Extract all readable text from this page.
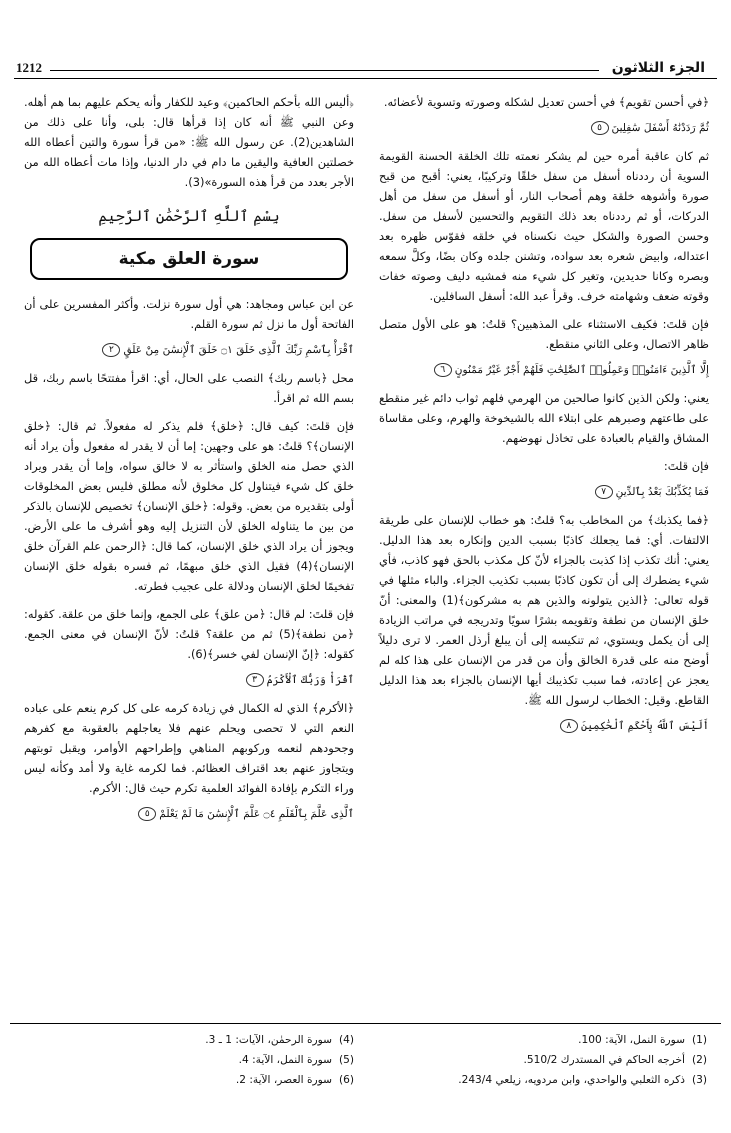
الجزء الثلاثون
1212

﴿في أحسن تقويم﴾ في أحسن تعديل لشكله وصورته وتسوية لأعضائه.

ثُمَّ رَدَدْنَٰهُ أَسْفَلَ سَٰفِلِينَ٥

ثم كان عاقبة أمره حين لم يشكر نعمته تلك الخلقة الحسنة القويمة السوية أن رددناه أسفل من سفل خلقًا وتركيبًا، يعني: أقبح من قبح صورة وأشوهه خلقة وهم أصحاب النار، أو أسفل من سفل من أهل الدركات، أو ثم رددناه بعد ذلك التقويم والتحسين لأسفل من سفل. وحسن الصورة والشكل حيث نكسناه في خلقه فقوّس ظهره بعد اعتداله، وابيض شعره بعد سواده، وتشنن جلده وكان بضًا، وكلَّ سمعه وبصره وكانا حديدين، وتغير كل شيء منه فمشيه دليف وصوته خفات وقوته ضعف وشهامته خرف. وقرأ عبد الله: أسفل السافلين.

فإن قلتَ: فكيف الاستثناء على المذهبين؟ قلتُ: هو على الأول متصل ظاهر الاتصال، وعلى الثاني منقطع.

إِلَّا ٱلَّذِينَ ءَامَنُوا۟ وَعَمِلُوا۟ ٱلصَّٰلِحَٰتِ فَلَهُمْ أَجْرٌ غَيْرُ مَمْنُونٍ٦

يعني: ولكن الذين كانوا صالحين من الهرمي فلهم ثواب دائم غير منقطع على طاعتهم وصبرهم على ابتلاء الله بالشيخوخة والهرم، وعلى مقاساة المشاق والقيام بالعبادة على تخاذل نهوضهم.

فإن قلتَ:

فَمَا يُكَذِّبُكَ بَعْدُ بِٱلدِّينِ٧

﴿فما يكذبك﴾ من المخاطب به؟ قلتُ: هو خطاب للإنسان على طريقة الالتفات. أي: فما يجعلك كاذبًا بسبب الدين وإنكاره بعد هذا الدليل. يعني: أنك تكذب إذا كذبت بالجزاء لأنّ كل مكذب بالحق فهو كاذب، فأي شيء يضطرك إلى أن تكون كاذبًا بسبب تكذيب الجزاء. والباء مثلها في قوله تعالى: ﴿الذين يتولونه والذين هم به مشركون﴾(1) والمعنى: أنّ خلق الإنسان من نطفة وتقويمه بشرًا سويًا وتدريجه في مراتب الزيادة إلى أن يكمل ويستوي، ثم تنكيسه إلى أن يبلغ أرذل العمر. لا ترى دليلاً أوضح منه على قدرة الخالق وأن من قدر من الإنسان على هذا كله لم يعجز عن إعادته، فما سبب تكذيبك أيها الإنسان بالجزاء بعد هذا الدليل القاطع. وقيل: الخطاب لرسول الله ﷺ.

أَلَيْسَ ٱللَّهُ بِأَحْكَمِ ٱلْحَٰكِمِينَ٨

﴿أليس الله بأحكم الحاكمين﴾ وعيد للكفار وأنه يحكم عليهم بما هم أهله. وعن النبي ﷺ أنه كان إذا قرأها قال: بلى، وأنا على ذلك من الشاهدين(2). عن رسول الله ﷺ: «من قرأ سورة والتين أعطاه الله خصلتين العافية واليقين ما دام في دار الدنيا، وإذا مات أعطاه الله من الأجر بعدد من قرأ هذه السورة»(3).

بِسْمِ ٱللَّهِ ٱلرَّحْمَٰنِ ٱلرَّحِيمِ
سورة العلق مكية

عن ابن عباس ومجاهد: هي أول سورة نزلت. وأكثر المفسرين على أن الفاتحة أول ما نزل ثم سورة القلم.

ٱقْرَأْ بِٱسْمِ رَبِّكَ ٱلَّذِى خَلَقَ ۝١ خَلَقَ ٱلْإِنسَٰنَ مِنْ عَلَقٍ٢

محل ﴿باسم ربك﴾ النصب على الحال، أي: اقرأ مفتتحًا باسم ربك، قل بسم الله ثم اقرأ.

فإن قلتَ: كيف قال: ﴿خلق﴾ فلم يذكر له مفعولاً. ثم قال: ﴿خلق الإنسان﴾؟ قلتُ: هو على وجهين: إما أن لا يقدر له مفعول وأن يراد أنه الذي حصل منه الخلق واستأثر به لا خالق سواه، وإما أن يقدر ويراد خلق كل شيء فيتناول كل مخلوق لأنه مطلق فليس بعض المخلوقات أولى بتقديره من بعض. وقوله: ﴿خلق الإنسان﴾ تخصيص للإنسان بالذكر من بين ما يتناوله الخلق لأن التنزيل إليه وهو أشرف ما على الأرض. ويجوز أن يراد الذي خلق الإنسان، كما قال: ﴿الرحمن علم القرآن خلق الإنسان﴾(4) فقيل الذي خلق مبهمًا، ثم فسره بقوله خلق الإنسان تفخيمًا لخلق الإنسان ودلالة على عجيب فطرته.

فإن قلتَ: لم قال: ﴿من علق﴾ على الجمع، وإنما خلق من علقة. كقوله: ﴿من نطفة﴾(5) ثم من علقة؟ قلتُ: لأنّ الإنسان في معنى الجمع. كقوله: ﴿إنّ الإنسان لفي خسر﴾(6).

ٱقْرَأْ وَرَبُّكَ ٱلْأَكْرَمُ٣

﴿الأكرم﴾ الذي له الكمال في زيادة كرمه على كل كرم ينعم على عباده النعم التي لا تحصى ويحلم عنهم فلا يعاجلهم بالعقوبة مع كفرهم وجحودهم لنعمه وركوبهم المناهي وإطراحهم الأوامر، ويقبل توبتهم ويتجاوز عنهم بعد اقتراف العظائم. فما لكرمه غاية ولا أمد وكأنه ليس وراء التكرم بإفادة الفوائد العلمية تكرم حيث قال: الأكرم.

ٱلَّذِى عَلَّمَ بِٱلْقَلَمِ ۝٤ عَلَّمَ ٱلْإِنسَٰنَ مَا لَمْ يَعْلَمْ٥
(1)سورة النمل، الآية: 100.
(2)أخرجه الحاكم في المستدرك 510/2.
(3)ذكره الثعلبي والواحدي، وابن مردويه، زيلعي 243/4.
(4)سورة الرحمٰن، الآيات: 1 ـ 3.
(5)سورة النمل، الآية: 4.
(6)سورة العصر، الآية: 2.
